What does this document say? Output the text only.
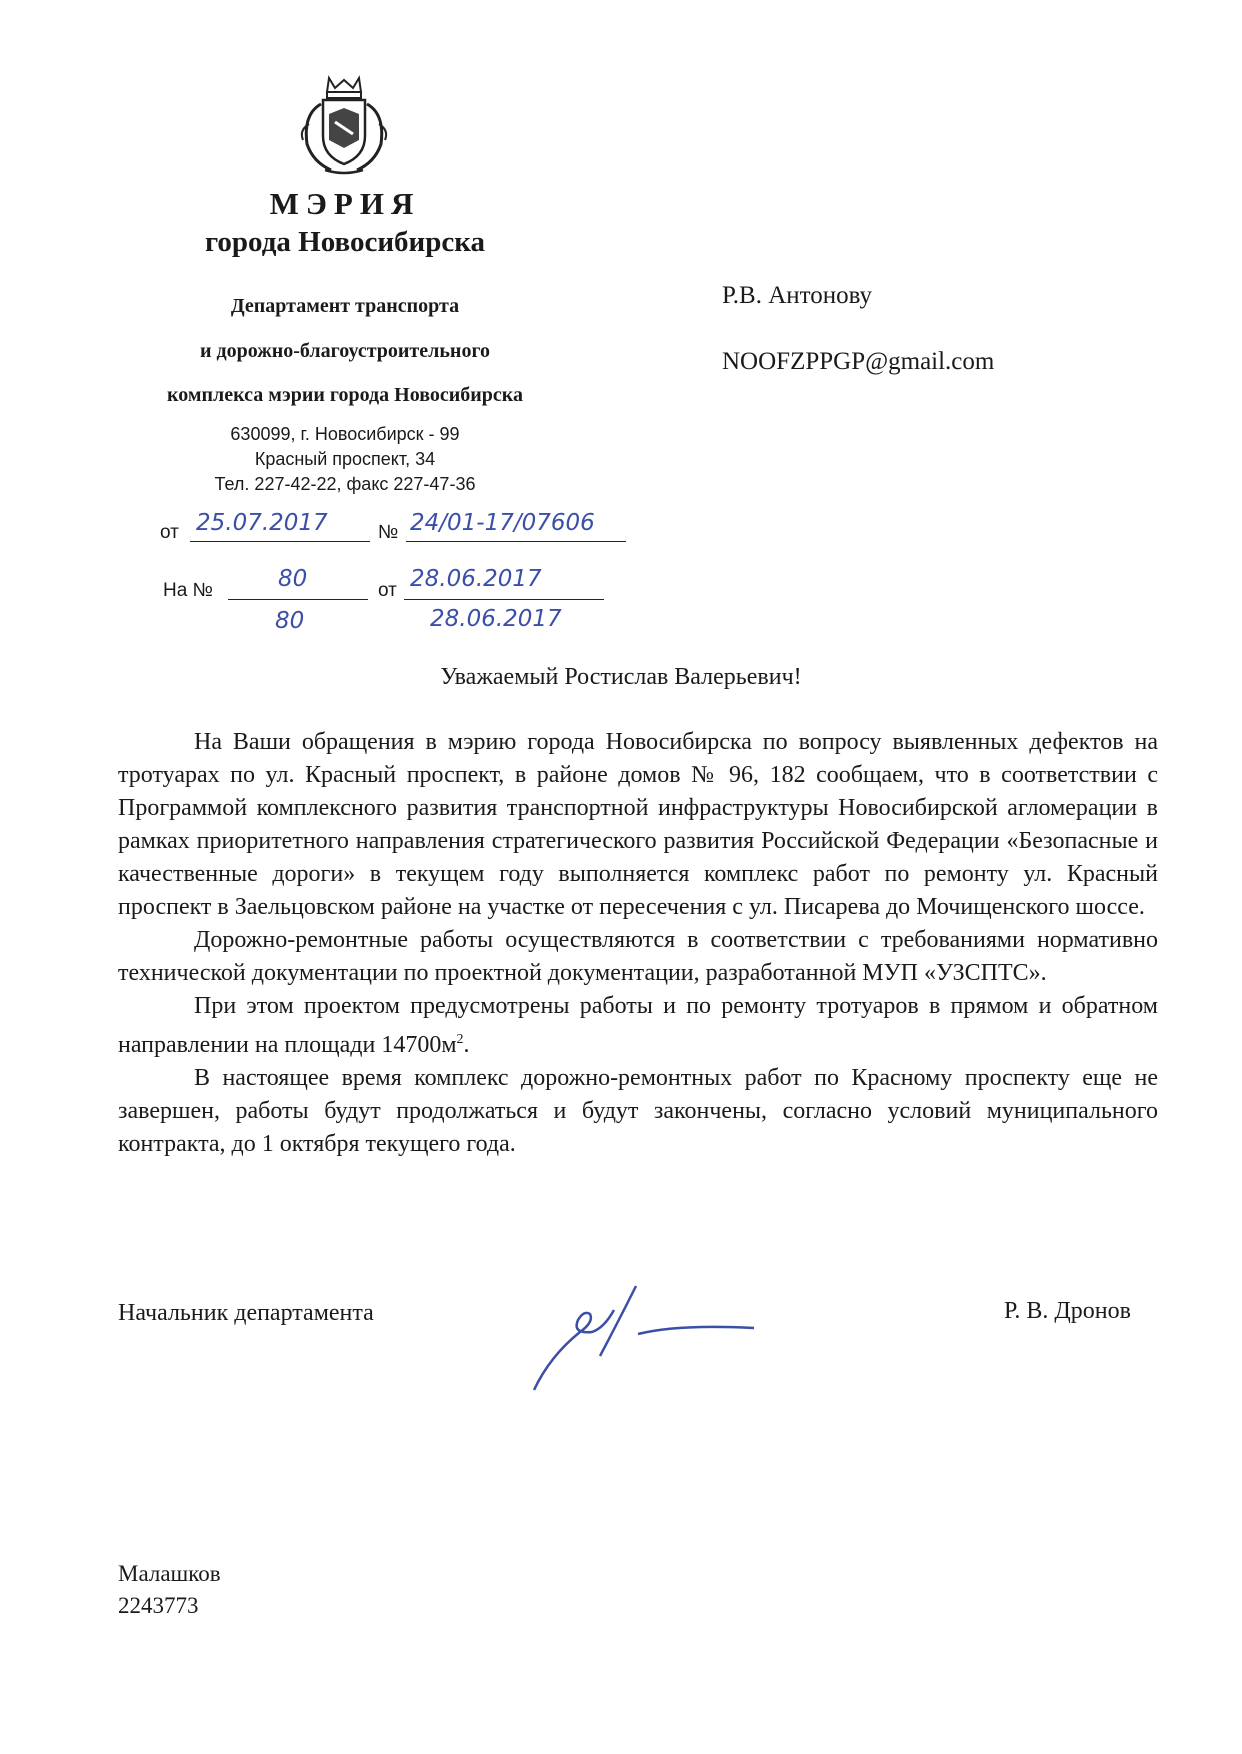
МЭРИЯ
города Новосибирска
Департамент транспорта
и дорожно-благоустроительного
комплекса мэрии города Новосибирска
630099, г. Новосибирск - 99
Красный проспект, 34
Тел. 227-42-22, факс 227-47-36
от 25.07.2017	№ 24/01-17/07606
На №	80	от 28.06.2017
80	28.06.2017
Р.В. Антонову
NOOFZPPGP@gmail.com
Уважаемый Ростислав Валерьевич!

На Ваши обращения в мэрию города Новосибирска по вопросу выявленных дефектов на тротуарах по ул. Красный проспект, в районе домов № 96, 182 сообщаем, что в соответствии с Программой комплексного развития транспортной инфраструктуры Новосибирской агломерации в рамках приоритетного направления стратегического развития Российской Федерации «Безопасные и качественные дороги» в текущем году выполняется комплекс работ по ремонту ул. Красный проспект в Заельцовском районе на участке от пересечения с ул. Писарева до Мочищенского шоссе.

Дорожно-ремонтные работы осуществляются в соответствии с требованиями нормативно технической документации по проектной документации, разработанной МУП «УЗСПТС».

При этом проектом предусмотрены работы и по ремонту тротуаров в прямом и обратном направлении на площади $14700м^2$.

В настоящее время комплекс дорожно-ремонтных работ по Красному проспекту еще не завершен, работы будут продолжаться и будут закончены, согласно условий муниципального контракта, до 1 октября текущего года.

Начальник департамента	Р. В. Дронов
Малашков
2243773
